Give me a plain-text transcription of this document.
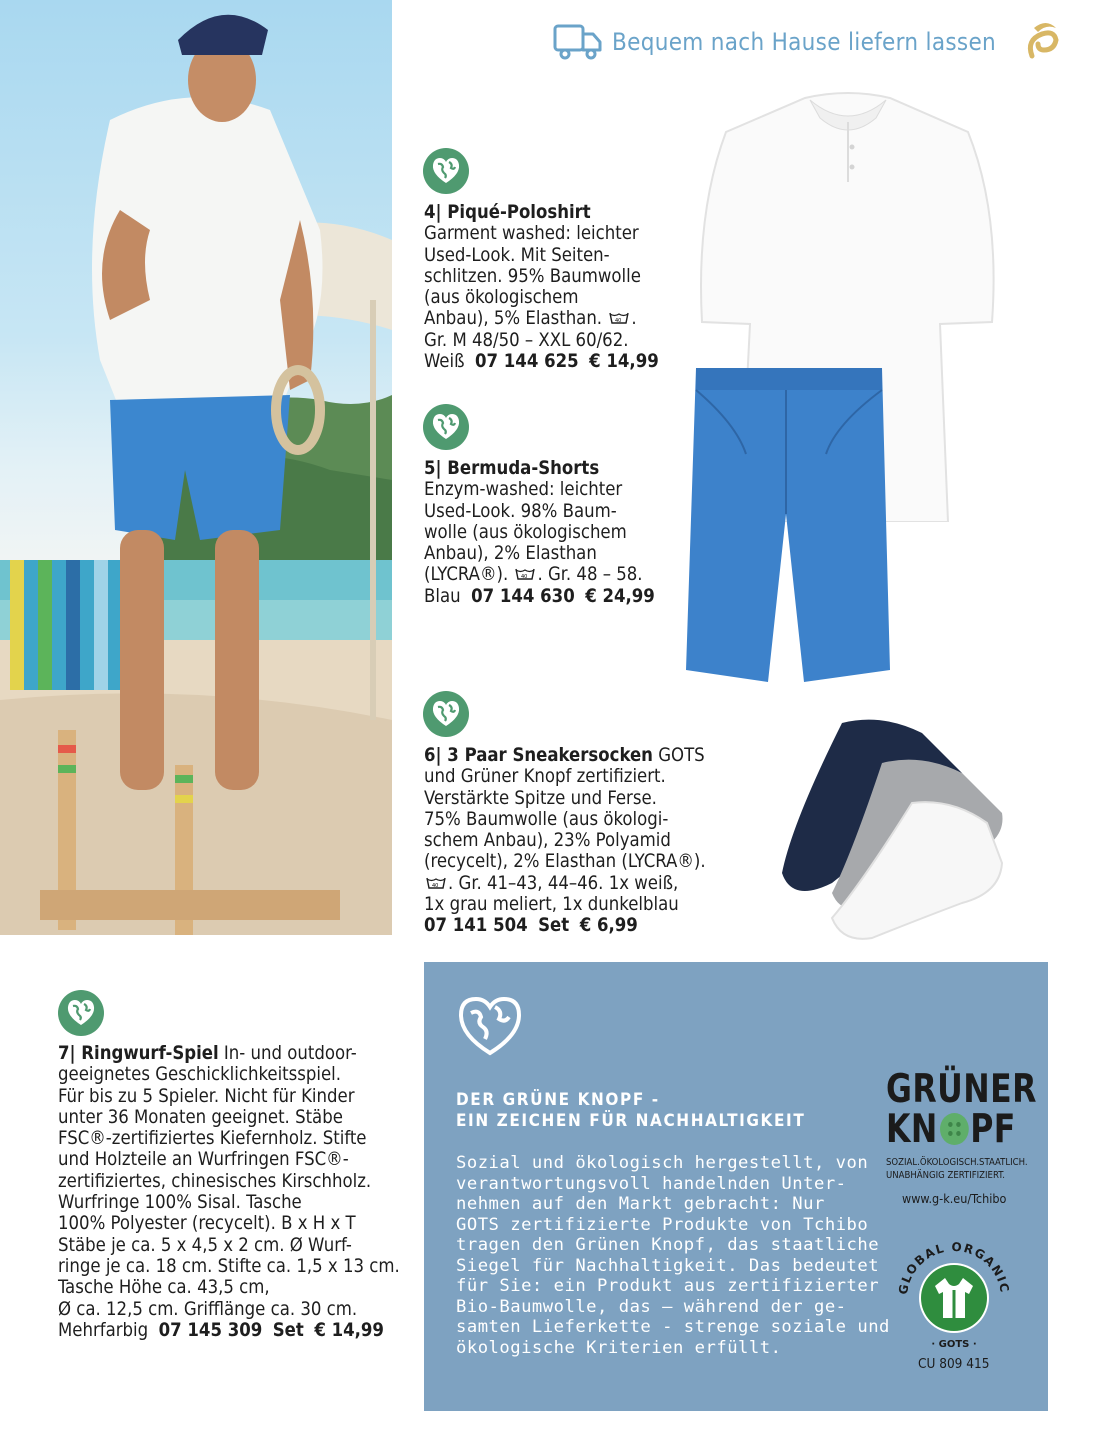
Bequem nach Hause liefern lassen
4| Piqué-Poloshirt
Garment washed: leichter
Used-Look. Mit Seiten-
schlitzen. 95% Baumwolle
(aus ökologischem
Anbau), 5% Elasthan.	40 .
Gr. M 48/50 – XXL 60/62.
Weiß 07 144 625 € 14,99
5| Bermuda-Shorts
Enzym-washed: leichter
Used-Look. 98% Baum-
wolle (aus ökologischem
Anbau), 2% Elasthan
(LYCRA®).	40 . Gr. 48 – 58.
Blau 07 144 630 € 24,99
6| 3 Paar Sneakersocken GOTS
und Grüner Knopf zertifiziert.
Verstärkte Spitze und Ferse.
75% Baumwolle (aus ökologi-
schem Anbau), 23% Polyamid
(recycelt), 2% Elasthan (LYCRA®).
40 . Gr. 41–43, 44–46. 1x weiß,
1x grau meliert, 1x dunkelblau
07 141 504 Set € 6,99
7| Ringwurf-Spiel In- und outdoor-
geeignetes Geschicklichkeitsspiel.
Für bis zu 5 Spieler. Nicht für Kinder
unter 36 Monaten geeignet. Stäbe
FSC®-zertifiziertes Kiefernholz. Stifte
und Holzteile an Wurfringen FSC®-
zertifiziertes, chinesisches Kirschholz.
Wurfringe 100% Sisal. Tasche
100% Polyester (recycelt). B x H x T
Stäbe je ca. 5 x 4,5 x 2 cm. Ø Wurf-
ringe je ca. 18 cm. Stifte ca. 1,5 x 13 cm.
Tasche Höhe ca. 43,5 cm,
Ø ca. 12,5 cm. Grifflänge ca. 30 cm.
Mehrfarbig 07 145 309 Set € 14,99
DER GRÜNE KNOPF -
EIN ZEICHEN FÜR NACHHALTIGKEIT
Sozial und ökologisch hergestellt, von
verantwortungsvoll handelnden Unter-
nehmen auf den Markt gebracht: Nur
GOTS zertifizierte Produkte von Tchibo
tragen den Grünen Knopf, das staatliche
Siegel für Nachhaltigkeit. Das bedeutet
für Sie: ein Produkt aus zertifizierter
Bio-Baumwolle, das – während der ge-
samten Lieferkette - strenge soziale und
ökologische Kriterien erfüllt.
GRÜNER
KN PF
SOZIAL.ÖKOLOGISCH.STAATLICH.
UNABHÄNGIG ZERTIFIZIERT.
www.g-k.eu/Tchibo
GLOBAL ORGANIC
· GOTS ·
CU 809 415
